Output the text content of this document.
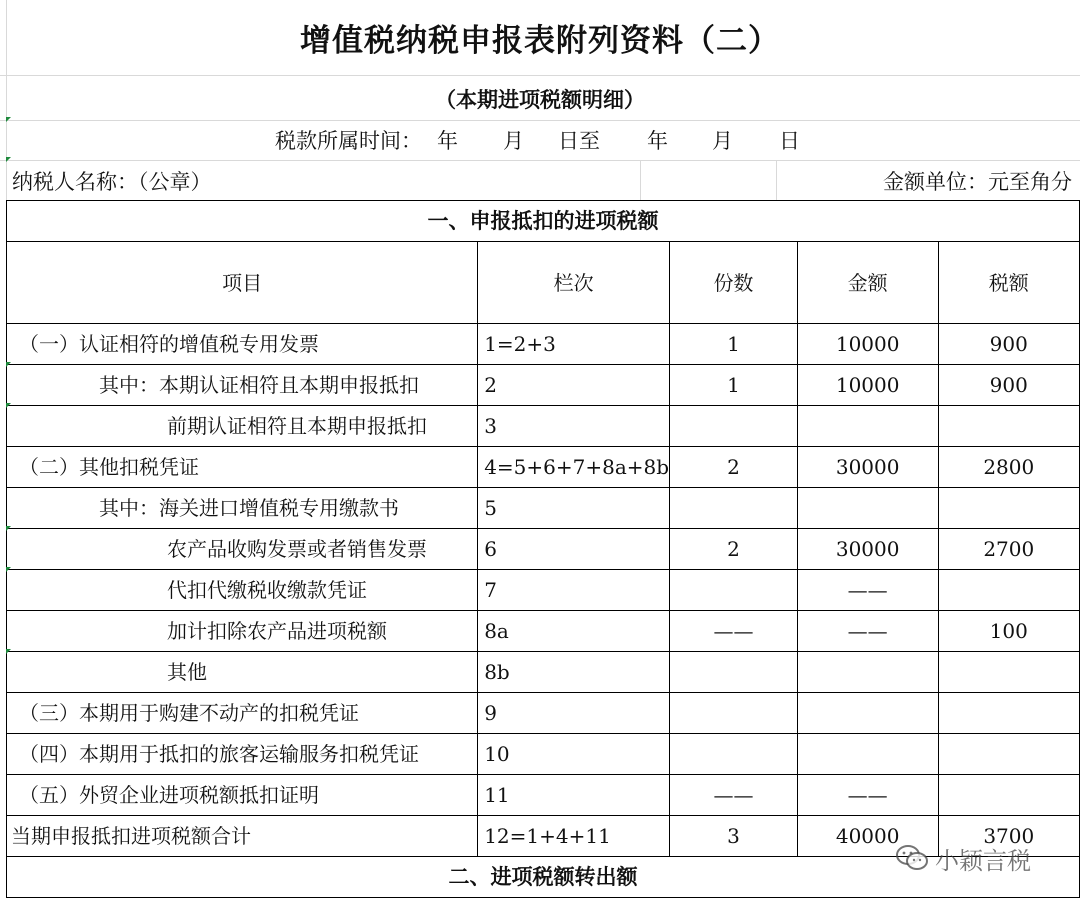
增值税纳税申报表附列资料（二）
（本期进项税额明细）
税款所属时间： 年 月 日至 年 月 日
纳税人名称：（公章）	金额单位：元至角分
一、申报抵扣的进项税额				
项目	栏次	份数	金额	税额
（一）认证相符的增值税专用发票	1=2+3	1	10000	900
其中：本期认证相符且本期申报抵扣	2	1	10000	900
前期认证相符且本期申报抵扣	3			
（二）其他扣税凭证	4=5+6+7+8a+8b	2	30000	2800
其中：海关进口增值税专用缴款书	5			
农产品收购发票或者销售发票	6	2	30000	2700
代扣代缴税收缴款凭证	7		——	
加计扣除农产品进项税额	8a	——	——	100
其他	8b			
（三）本期用于购建不动产的扣税凭证	9			
（四）本期用于抵扣的旅客运输服务扣税凭证	10			
（五）外贸企业进项税额抵扣证明	11	——	——	
当期申报抵扣进项税额合计	12=1+4+11	3	40000	3700
二、进项税额转出额				
小颖言税
